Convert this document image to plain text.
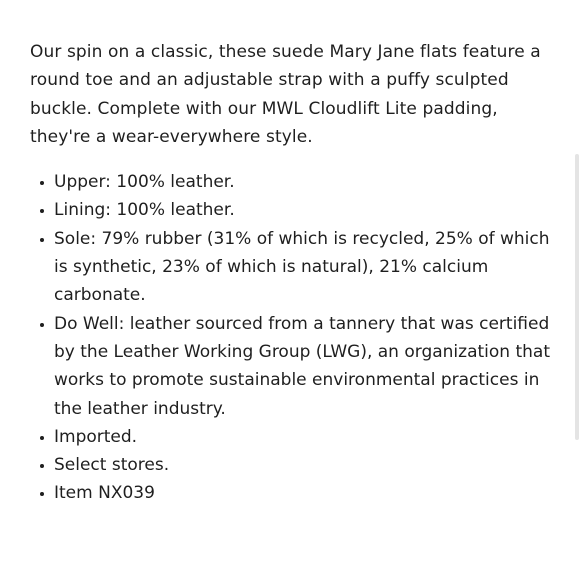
Our spin on a classic, these suede Mary Jane flats feature a round toe and an adjustable strap with a puffy sculpted buckle. Complete with our MWL Cloudlift Lite padding, they're a wear-everywhere style.

Upper: 100% leather.
Lining: 100% leather.
Sole: 79% rubber (31% of which is recycled, 25% of which is synthetic, 23% of which is natural), 21% calcium carbonate.
Do Well: leather sourced from a tannery that was certified by the Leather Working Group (LWG), an organization that works to promote sustainable environmental practices in the leather industry.
Imported.
Select stores.
Item NX039
